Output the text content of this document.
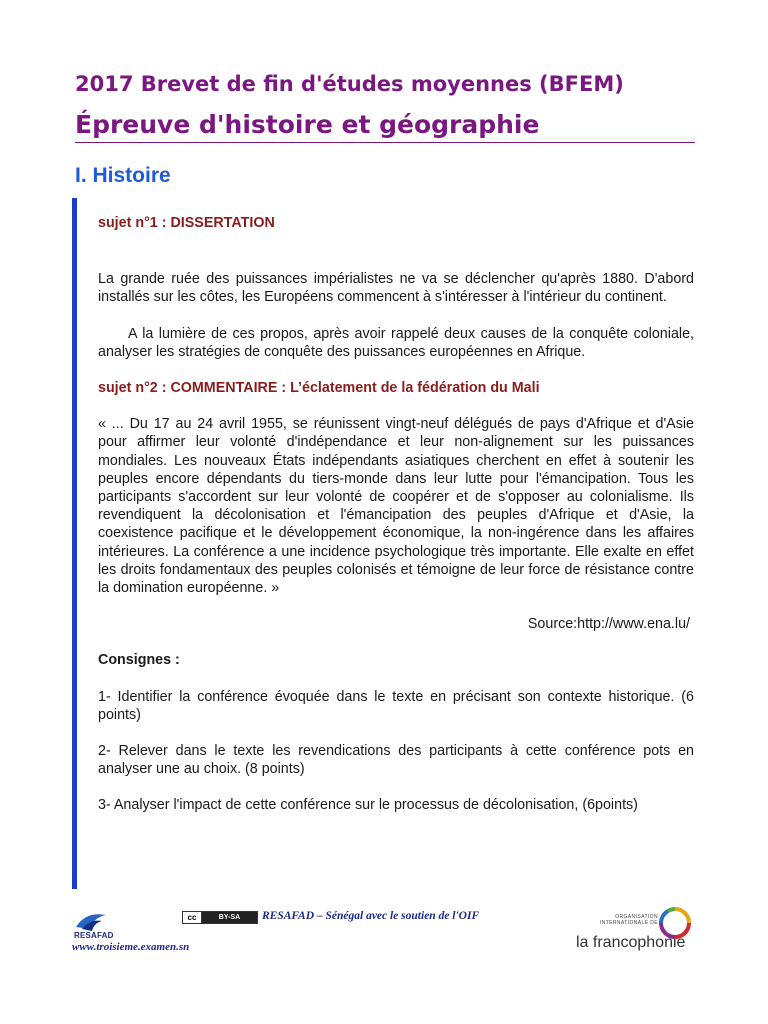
2017 Brevet de fin d'études moyennes (BFEM)
Épreuve d'histoire et géographie
I. Histoire

sujet n°1 : DISSERTATION

La grande ruée des puissances impérialistes ne va se déclencher qu'après 1880. D'abord installés sur les côtes, les Européens commencent à s'intéresser à l'intérieur du continent.

A la lumière de ces propos, après avoir rappelé deux causes de la conquête coloniale, analyser les stratégies de conquête des puissances européennes en Afrique.

sujet n°2 : COMMENTAIRE : L’éclatement de la fédération du Mali

« ... Du 17 au 24 avril 1955, se réunissent vingt-neuf délégués de pays d'Afrique et d'Asie pour affirmer leur volonté d'indépendance et leur non-alignement sur les puissances mondiales. Les nouveaux États indépendants asiatiques cherchent en effet à soutenir les peuples encore dépendants du tiers-monde dans leur lutte pour l'émancipation. Tous les participants s'accordent sur leur volonté de coopérer et de s'opposer au colonialisme. Ils revendiquent la décolonisation et l'émancipation des peuples d'Afrique et d'Asie, la coexistence pacifique et le développement économique, la non-ingérence dans les affaires intérieures. La conférence a une incidence psychologique très importante. Elle exalte en effet les droits fondamentaux des peuples colonisés et témoigne de leur force de résistance contre la domination européenne. »

Source:http://www.ena.lu/

Consignes :

1- Identifier la conférence évoquée dans le texte en précisant son contexte historique. (6 points)

2- Relever dans le texte les revendications des participants à cette conférence pots en analyser une au choix. (8 points)

3- Analyser l'impact de cette conférence sur le processus de décolonisation, (6points)

RESAFAD
www.troisieme.examen.sn
cc	BY-SA	RESAFAD – Sénégal avec le soutien de l'OIF	ORGANISATION INTERNATIONALE DE
la francophonie
